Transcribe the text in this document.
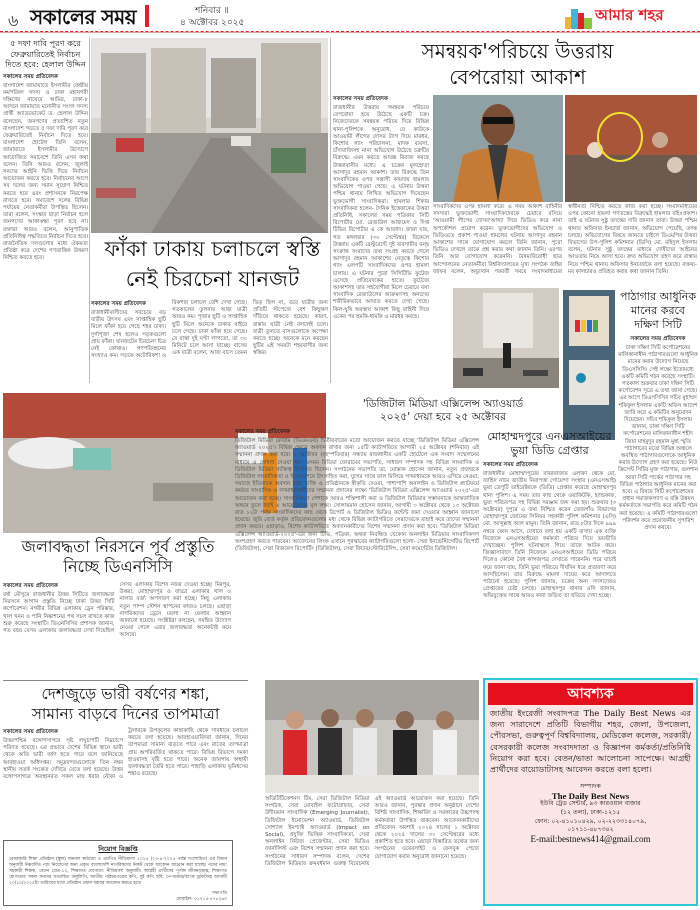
৬ সকালের সময়	শনিবার ॥
৪ অক্টোবর ২০২৫	আমার শহর
৫ দফা দাবি পূরণ করে ফেব্রুয়ারিতেই নির্বাচন দিতে হবে: হেলাল উদ্দিন
সকালের সময় প্রতিবেদক
বাংলাদেশ জামায়াতে ইসলামীর কেন্দ্রীয় কর্মপরিষদ সদস্য ও ঢাকা মহানগরী দক্ষিণের নায়েবে আমির, ঢাকা-৮ আসনে জামায়াত মনোনীত সংসদ সদস্য প্রার্থী অ্যাডভোকেট ড. হেলাল উদ্দিন বলেছেন, জনগণের প্রত্যাশিত নতুন বাংলাদেশ গড়তে ৫ দফা দাবি পূরণ করে ফেব্রুয়ারিতেই নির্বাচন দিতে হবে। বাংলাদেশ হোটেল তিনি বলেন, জামায়াতে ইসলামীর উদ্যোগে আয়োজিত সমাবেশে তিনি এসব কথা বলেন। তিনি আরও বলেন, জুলাই সনদের আইনি ভিত্তি দিয়ে নির্বাচন আয়োজন করতে হবে। নির্বাচনের আগে সব দলের জন্য সমান সুযোগ নিশ্চিত করতে হবে এবং প্রশাসনকে নিরপেক্ষ রাখতে হবে। সমাবেশে দলের বিভিন্ন পর্যায়ের নেতাকর্মীরা উপস্থিত ছিলেন। তারা বলেন, সংস্কার ছাড়া নির্বাচন হলে জনগণের আকাঙ্ক্ষা পূরণ হবে না। বক্তারা আরও বলেন, আনুপাতিক প্রতিনিধিত্ব পদ্ধতিতে নির্বাচন দিতে হবে। রাজনৈতিক দলগুলোর মধ্যে ঐকমত্য প্রতিষ্ঠা করে দেশের গণতান্ত্রিক উত্তরণ নিশ্চিত করতে হবে।	ফাঁকা ঢাকায় চলাচলে স্বস্তি
নেই চিরচেনা যানজট
সকালের সময় প্রতিবেদক
রাজধানীবাসীদের সবচেয়ে বড় বাড়ীয় উৎসব এবং সাপ্তাহিক ছুটি মিলে ফাঁকা হয়ে গেছে শহর ঢাকা। দুর্গাপূজা শেষ হলেও সড়কগুলো প্রায় ফাঁকা। যানজটের চিরচেনা চিত্র নেই কোথাও। গণপরিবহনের সংখ্যাও কম। সড়কে অটোরিকশা ও রিকশার চলাচল বেশি দেখা গেছে। গতকালের তুলনায় আজ যাত্রী আরও কম। পূজার ছুটি ও সাপ্তাহিক ছুটি মিলে অনেকে ঢাকার বাইরে চলে গেছে। ঢাকা ফাঁকা হয়ে গেছে। যে রাস্তা দুই ঘণ্টা লাগতো, তা ৩০ মিনিটে চলে আসা যাচ্ছে। বাসের এক যাত্রী বলেন, আজ বাসে তেমন ভিড় ছিল না, তবে যাত্রীর জন্য প্রতিটি স্টপেজে বেশ কিছুক্ষণ দাঁড়িয়ে থাকতে হয়েছে। কারণ, রাস্তায় যাত্রী নেই বললেই চলে। যাত্রী তুলতে বাসগুলোকে অপেক্ষা করতে হচ্ছে। অনেকে মনে করছেন ছুটির এই সময়টা শহরবাসীর জন্য স্বস্তির।
সমন্বয়ক'পরিচয়ে উত্তরায়
বেপরোয়া আকাশ
সকালের সময় প্রতিবেদক
রাজধানীর উত্তরায় সমন্বয়ক পরিচয়ে বেপরোয়া হয়ে উঠেছে একটি চক্র। নিজেদেরকে সমন্বয়ক পরিচয় দিয়ে বিভিন্ন থানা-পুলিশকে অনুরোধ, যে কাউকে আওয়ামী লীগের দোসর ট্যাগ দিয়ে মারধর, কিশোর গ্যাং পরিচালনা, মাদক ব্যবসা, চাঁদাবাজিসহ নানা অভিযোগ উঠেছে চক্রটির বিরুদ্ধে। এমন করতে আতঙ্ক বিরাজ করছে উত্তরাবাসীর মধ্যে। এ চক্রের মূলহোতা আসাদুর রহমান আকাশ। তার বিরুদ্ধে তিন সাংবাদিকের ওপর সন্ত্রাসী কায়দায় হামলার অভিযোগ পাওয়া গেছে। এ ঘটনায় উত্তরা পশ্চিম থানায় লিখিত অভিযোগ দিয়েছেন ভুক্তভোগী সাংবাদিকরা। হামলার শিকার সাংবাদিকরা হলেন- দৈনিক ইত্তেফাকের উত্তরা প্রতিনিধি, সকালের সময় পত্রিকার সিটি রিপোর্টার মো. রেজাউল আজমেদ ও দিপ্ত টিভির রিপোর্টার এ কে আজাদ। জানা যায়, গত মঙ্গলবার (৩০ সেপ্টেম্বর) বিকেলে উত্তরায় একটি রেস্টুরেন্টে দুই ব্যবসায়ীর দ্বন্দ্ব সংক্রান্ত সংবাদের তথ্য সংগ্রহ করতে গেলে আসাদুর রহমান আকাশের নেতৃত্বে কিশোর গ্যাং এলপটি সাংবাদিকদের ওপর হামলা চালায়। এ ঘটনার পুরো সিসিটিভি ফুটেজ এসেছে প্রতিবেদকের হাতে। ফুটেজে আকাশসহ তার সহযোগীরা মিলে চেয়ারে বসা সাংবাদিক রেজাউলের আক্রমণসহ অন্যদের শারীরিকভাবে আঘাত করতে দেখা গেছে। কিল-ঘুষি অবস্থায় আকাশ কিছু বাহিনী দিয়ে একের পর হুমকি-ধামকি ও মারধর করছে।
সাংবাদিকদের ওপর হামলা করে। এ সময় আকাশ বাহিনীর সদস্যরা ভুক্তভোগী সাংবাদিকদেরকে চেয়ারে বসিয়ে 'আওয়ামী লীগের দোসর'আখ্যা দিয়ে ভিডিও করে নানা অপকৌশল প্রয়োগ করেন। ভুক্তভোগীদের অভিযোগ ও ভিডিওতে প্রকাশ পাওয়া হামলের ঘটনায় আসাদুর রহমান আকাশের সাথে যোগাযোগ করলে তিনি জানান, পুরো ভিডিও দেখলে তাকে প্রশ্ন করার কথা জানান তিনি। এরপর তিনি আর যোগাযোগ করেননি। বৈষম্যবিরোধী ছাত্র আন্দোলনের নেতাকর্মীরা বিশ্ববিদ্যালয়ের মুখ্য সংগঠক জহির জাফর বলেন, অভ্যুত্থান পরবর্তী সময়ে সংবাদমাধ্যমের স্বাধীনতা নিশ্চিত করতে কাজ করা হচ্ছে। সংবাদমাধ্যমের ওপর কোনো হামলা গণতন্ত্রের বিরুদ্ধেই হামলার বহিঃপ্রকাশ। তাই এ ঘটনার সুষ্ঠু তদন্তের দাবি জানান তারা। উত্তরা পশ্চিম থানার অফিসার ইনচার্জ জানান, অভিযোগ পেয়েছি, তদন্ত চলছে। অভিযোগের বিষয়ে জানতে চাইলে ডিএমপির উত্তরা বিভাগের উপ-পুলিশ কমিশনার (ডিসি) মো. মহিদুল ইসলাম বলেন, ঘটনার সুষ্ঠু তদন্তের মাধ্যমে দোষীদের আইনের আওতায় নিয়ে আসা হবে। দ্রুত অভিযোগ গ্রহণ করে রাস্তায় নিয়ে পশ্চিম থানায় অফিসার ইনচার্জকে বলা হয়েছে। বক্তব্য- মব কালচারও প্রতিহত করার কথা জানান তিনি।
'ডিজিটাল মিডিয়া এক্সিলেন্স অ্যাওয়ার্ড
২০২৫' দেয়া হবে ২৫ অক্টোবর
পাঠাগার আধুনিক মানের করবে দক্ষিণ সিটি
সকালের সময় প্রতিবেদক
ঢাকা দক্ষিণ সিটি কর্পোরেশনের মালিকানাধীন পাঠাগারগুলো আধুনিক মানের করার উদ্যোগ নিয়েছে ডিএসসিসি। সেই লক্ষ্যে ইতোমধ্যে একটি কমিটি গঠন করেছে সংস্থাটি। গতকাল শুক্রবার ঢাকা দক্ষিণ সিটি কর্পোরেশন সূত্রে এ তথ্য জানা গেছে। এর আগে ডিএসসিসির সচিব মুহাম্মদ শফিকুল ইসলাম একটি অফিস আদেশ জারি করে এ কমিটির অনুমোদন দিয়েছেন। সচিব শফিকুল ইসলাম জানান, ঢাকা দক্ষিণ সিটি কর্পোরেশনের মালিকানাধীন শহীদ জিয়া মাহমুদুর রহমান মুন্না স্মৃতি পাঠাগারের মতো বিভিন্ন অঞ্চলে অবস্থিত পাঠাগারগুলোকে আধুনিক করার উদ্যোগ গ্রহণ করা হয়েছে। নিউ ক্রিসেন্ট সিটির মুক্ত পাঠাগার, গুলশান আরা সিটি পার্কের পাঠাগার সহ বিভিন্ন পাঠাগার আধুনিক মানের করা হবে। এ বিষয়ে সিটি কর্পোরেশনের প্রধান সমাজকল্যাণ ও বস্তি উন্নয়ন কর্মকর্তাকে সভাপতি করে কমিটি গঠন করা হয়েছে। এ কমিটি পাঠাগারগুলো পরিদর্শন করে প্রয়োজনীয় সুপারিশ প্রদান করবে।
জলাবদ্ধতা নিরসনে পূর্ব প্রস্তুতি
নিচ্ছে ডিএনসিসি
সকালের সময় প্রতিবেদক
বর্ষা মৌসুমে রাজধানীর উত্তর সিটিতে জলাবদ্ধতা নিরসনে আগাম প্রস্তুতি নিচ্ছে ঢাকা উত্তর সিটি কর্পোরেশন। নগরীর বিভিন্ন এলাকায় ড্রেন পরিষ্কার, খাল খনন ও পানি নিষ্কাশনের পথ সচল রাখতে কাজ শুরু করেছে সংস্থাটি। ডিএনসিসির প্রশাসক জানান, গত বছর যেসব এলাকায় জলাবদ্ধতা দেখা দিয়েছিল সেসব এলাকায় বিশেষ নজর দেওয়া হচ্ছে। মিরপুর, উত্তরা, মোহাম্মদপুর ও বাড্ডা এলাকার খাল ও নালার বর্জ্য অপসারণ করা হচ্ছে। কিছু এলাকায় নতুন পাম্প স্টেশন স্থাপনের কাজও চলছে। এছাড়া নাগরিকদের ড্রেনে ময়লা না ফেলার আহ্বান জানানো হয়েছে। সংশ্লিষ্টরা বলছেন, সমন্বিত উদ্যোগ নেওয়া গেলে এবার জলাবদ্ধতা অনেকটাই কমে আসবে।
সকালের সময় প্রতিবেদক
ডিজিটাল মিডিয়া ফোরাম (ডিএমএফ) দ্বিতীয়বারের মতো আয়োজন করতে যাচ্ছে 'ডিজিটাল মিডিয়া এক্সিলেন্স অ্যাওয়ার্ড ২০২৫'। বিভিন্ন ক্ষেত্রে অবদান রাখার জন্য ১৫টি ক্যাটাগরিতে আগামী ২৫ অক্টোবর (শনিবার) এই সম্মাননা প্রদান করা হবে। ২ অক্টোবর (বৃহস্পতিবার) সন্ধ্যায় রাজধানীর একটি হোটেলে এক সংবাদ সম্মেলনের মাধ্যমে এ ঘোষণা দেওয়া হয়। এসময় মিডিয়া ফোরামের সভাপতি, সাধারণ সম্পাদক সহ বিভিন্ন সাংবাদিক ও ডিজিটাল মিডিয়া ব্যক্তিত্ব উপস্থিত ছিলেন। সংগঠনের সভাপতি ডা. মোস্তাক হোসেন জানান, নতুন প্রজন্মকে ডিজিটাল সাংবাদিকতা ও ইনোভেশনে উৎসাহিত করা, যুগের সাথে তাল মিলিয়ে গণমাধ্যমকে আরও এগিয়ে নেওয়া, সমাজে ইতিবাচক অবদান রাখা ব্যক্তি ও প্রতিষ্ঠানকে স্বীকৃতি দেওয়া, পাশাপাশি অনলাইন ও ডিজিটাল প্ল্যাটফর্মে কর্মরত সাংবাদিক ও গণমাধ্যমকর্মীদের সম্মাননা প্রদানের লক্ষ্যে 'ডিজিটাল মিডিয়া এক্সিলেন্স অ্যাওয়ার্ড ২০২৫'-এর আয়োজন করা হচ্ছে। সাংবাদিকতা পেশাকে আরও শক্তিশালী করা ও ডিজিটাল মিডিয়ার সম্ভাবনাকে আন্তর্জাতিক অঙ্গনে তুলে ধরাই এ আয়োজনের মূল লক্ষ্য। সোলায়মান হোসেন জানান, আগামী ৩ অক্টোবর থেকে ১৩ অক্টোবর রাত ১২টা পর্যন্ত সাংবাদিকদের কাছ থেকে রিপোর্ট ও ডিজিটাল ভিডিও কন্টেন্ট জমা দেওয়ার আহ্বান জানানো হয়েছে। জুরি বোর্ড কর্তৃক প্রতিবেদনগুলোর মধ্য থেকে বিভিন্ন ক্যাটাগরিতে সেরাদেরকে বাছাই করে তাদের সম্মাননা প্রদান করবে। এছাড়াও, বিশেষ ক্যাটাগরিতে অবদানকারীদের বিশেষ সম্মাননা প্রদান করা হবে। 'ডিজিটাল মিডিয়া এক্সিলেন্স অ্যাওয়ার্ড-২০২৫'-এর জন্য টিভি, পত্রিকা, অথবা নিবন্ধিত যেকোন অনলাইন মিডিয়ার সাংবাদিকগণ অংশগ্রহণ করতে পারবেন। আবেদনের লিংক এখানে পুরস্কারের ক্যাটাগরিগুলো হলো- সেরা ইনভেস্টিগেটিভ রিপোর্ট (ডিজিটাল), সেরা বিজনেস রিপোর্টিং (ডিজিটাল), সেরা ফিচার/স্টোরিটেলিং, সেরা কমেন্টেটর ডিজিটাল।
মোহাম্মদপুরে এনএসআইয়ের
ভুয়া ডিডি গ্রেপ্তার
সকালের সময় প্রতিবেদক
রাজধানীর মোহাম্মদপুরের বাবরবাজার এলাকা থেকে মো. জাহিদ নামে জাতীয় নিরাপত্তা গোয়েন্দা সংস্থার (এনএসআই) ভুয়া ডেপুটি ডাইরেক্টরকে (ডিডি) গ্রেপ্তার করেছে মোহাম্মদপুর থানা পুলিশ। এ সময় তার কাছ থেকে ওয়াকিটকি, হ্যান্ডকাফ, ভুয়া পরিচয়পত্র সহ বিভিন্ন সরঞ্জাম জব্দ করা হয়। শুক্রবার (৩ অক্টোবর) দুপুরে এ তথ্য নিশ্চিত করেন তেজগাঁও বিভাগের মোহাম্মদপুর জোনের সিনিয়র সহকারী পুলিশ কমিশনার (এসি) মো. আব্দুল্লাহ আল মামুন। তিনি জানান, রাত ৮টার দিকে ৯৯৯ নম্বরে ফোন আসে, যেখানে বলা হয় একটি বাসায় এক ব্যক্তি নিজেকে এনএসআইয়ের কর্মকর্তা পরিচয় দিয়ে ভয়ভীতি দেখাচ্ছেন। পুলিশ ঘটনাস্থলে গিয়ে তাকে আটক করে। জিজ্ঞাসাবাদে তিনি নিজেকে এনএসআইয়ের ডিডি পরিচয় দিলেও কোনো বৈধ কাগজপত্র দেখাতে পারেননি। পরে যাচাই করে জানা যায়, তিনি ভুয়া পরিচয়ে দীর্ঘদিন ধরে প্রতারণা করে আসছিলেন। তার বিরুদ্ধে মামলা দায়ের করে আদালতে পাঠানো হয়েছে। পুলিশ জানায়, চক্রের অন্য সদস্যদেরও গ্রেপ্তারের চেষ্টা চলছে। মোহাম্মদপুর থানার ওসি জানান, অভিযুক্তের সাথে আরও কারা জড়িত তা খতিয়ে দেখা হচ্ছে।
দেশজুড়ে ভারী বর্ষণের শঙ্কা,
সামান্য বাড়বে দিনের তাপমাত্রা
সকালের সময় প্রতিবেদক
উত্তরপশ্চিম বঙ্গোপসাগরে সৃষ্ট লঘুচাপটি নিম্নচাপে পরিণত হয়েছে। এর প্রভাবে দেশের বিভিন্ন স্থানে ভারী থেকে অতি ভারী বর্ষণ হতে পারে বলে জানিয়েছে আবহাওয়া অধিদপ্তর। সমুদ্রবন্দরগুলোকে তিন নম্বর স্থানীয় সতর্ক সংকেত দেখিয়ে যেতে বলা হয়েছে। উত্তর বঙ্গোপসাগরে অবস্থানরত সকল মাছ ধরার নৌকা ও ট্রলারকে উপকূলের কাছাকাছি থেকে সাবধানে চলাচল করতে বলা হয়েছে। আবহাওয়াবিদরা জানান, দিনের তাপমাত্রা সামান্য বাড়তে পারে এবং রাতের তাপমাত্রা প্রায় অপরিবর্তিত থাকতে পারে। বিভিন্ন বিভাগে দমকা হাওয়াসহ বৃষ্টি হতে পারে। অনেক জায়গায় অস্থায়ী জলাবদ্ধতা তৈরি হতে পারে। পাহাড়ি এলাকায় ভূমিধসের শঙ্কাও রয়েছে।
অডিটিটিকেশনস টিম, সেরা ডিজিটাল মিডিয়া সংগঠক, সেরা মোবাইল ফটোগ্রাফার, সেরা উদীয়মান সাংবাদিক (Emerging Journalist), ডিজিটাল ইনোভেশন অ্যাওয়ার্ড, ডিজিটাল সোশ্যাল ইমপ্যাক্ট অ্যাওয়ার্ড (Impact on Social), প্রযুক্তি ভিত্তিক সাংবাদিকতা, সেরা অনলাইন নিউজ প্রেজেন্টার, সেরা ভিডিও জার্নালিস্ট এবং বিশেষ সম্মাননা প্রদান করা হবে। সংগঠনের সাধারণ সম্পাদক বলেন, দেশের ডিজিটাল মিডিয়ার ক্রমবর্ধমান গুরুত্ব বিবেচনায় এই অ্যাওয়ার্ড আয়োজন করা হয়েছে। তিনি আরও জানান, পুরস্কার প্রদান অনুষ্ঠানে দেশের বিশিষ্ট সাংবাদিক, শিক্ষাবিদ ও সরকারের উচ্চপদস্থ কর্মকর্তারা উপস্থিত থাকবেন। আবেদনকারীদের প্রতিবেদন অবশ্যই ২০২৪ সালের ১ অক্টোবর থেকে ২০২৫ সালের ৩০ সেপ্টেম্বরের মধ্যে প্রকাশিত হতে হবে। এছাড়া বিস্তারিত তথ্যের জন্য সংগঠনের ওয়েবসাইট ও ফেসবুক পেজে যোগাযোগ করার অনুরোধ জানানো হয়েছে।
নিয়োগ বিজ্ঞপ্তি
বেসরকারি শিক্ষা প্রতিষ্ঠান (স্কুল) জনবল কাঠামো ও এমপিও নীতিমালা ২০২৫ (২৩-৪-২০২৫ পর্যন্ত সংশোধিত) এর বিধান অনুযায়ী নিম্নবর্ণিত পদে নিয়োগের জন্য প্রকৃত বাংলাদেশি নাগরিকদের নিকট থেকে আবেদন আহ্বান করা যাচ্ছে। পদের নাম: সহকারী শিক্ষক, বেতন গ্রেড-১০, শিক্ষাগত যোগ্যতা: নীতিমালা অনুযায়ী। আগ্রহী প্রার্থীদের পূর্ণাঙ্গ জীবনবৃত্তান্ত, শিক্ষাগত যোগ্যতার সকল সনদের সত্যায়িত অনুলিপি, জাতীয় পরিচয়পত্রের কপি, দুই কপি ছবি, পে-অর্ডার/ব্যাংক ড্রাফটসহ আগামী ২০/১০/২০২৫ইং তারিখের মধ্যে প্রতিষ্ঠান প্রধান বরাবর আবেদন করতে হবে।
সভাপতি
মোবাইল- ০১৭১৫-৫৭৮২৬০
আবশ্যক
জাতীয় ইংরেজী সংবাদপত্র The Daily Best News এর জন্য সারাদেশে প্রতিটি বিভাগীয় শহর, জেলা, উপজেলা, পৌরসভা, গুরুত্বপূর্ণ বিশ্ববিদ্যালয়, মেডিকেল কলেজ, সরকারী/বেসরকারী কলেজ সংবাদদাতা ও বিজ্ঞাপন কর্মকর্তা/প্রতিনিধি নিয়োগ করা হবে। বেতন/ভাতা আলোচনা সাপেক্ষে। আগ্রহী প্রার্থীদের বায়োডাটাসহ আবেদন করতে বলা হলো।
সম্পাদক
The Daily Best News
ইউবি ট্রেড সেন্টার, ৯৩ কারওয়ান বাজার
(১২ তলা), ঢাকা-১২১৫
ফোন: ০২-৪১০১০৪২৯, ০২-২২৩৩১৪০৭৯,
০১৭১১-৪৮৭৩৪২
E-mail:bestnews414@gmail.com
